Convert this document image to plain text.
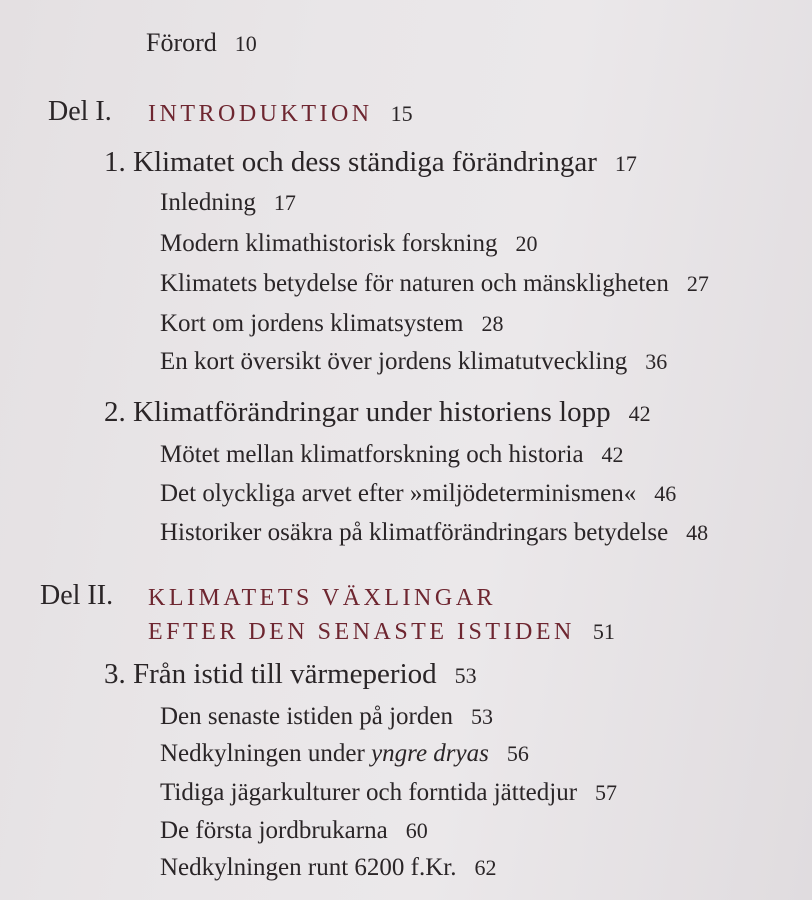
Förord 10
Del I. INTRODUKTION 15
1. Klimatet och dess ständiga förändringar 17
Inledning 17
Modern klimathistorisk forskning 20
Klimatets betydelse för naturen och mänskligheten 27
Kort om jordens klimatsystem 28
En kort översikt över jordens klimatutveckling 36
2. Klimatförändringar under historiens lopp 42
Mötet mellan klimatforskning och historia 42
Det olyckliga arvet efter »miljödeterminismen« 46
Historiker osäkra på klimatförändringars betydelse 48
Del II. KLIMATETS VÄXLINGAR
EFTER DEN SENASTE ISTIDEN 51
3. Från istid till värmeperiod 53
Den senaste istiden på jorden 53
Nedkylningen under yngre dryas 56
Tidiga jägarkulturer och forntida jättedjur 57
De första jordbrukarna 60
Nedkylningen runt 6200 f.Kr. 62
